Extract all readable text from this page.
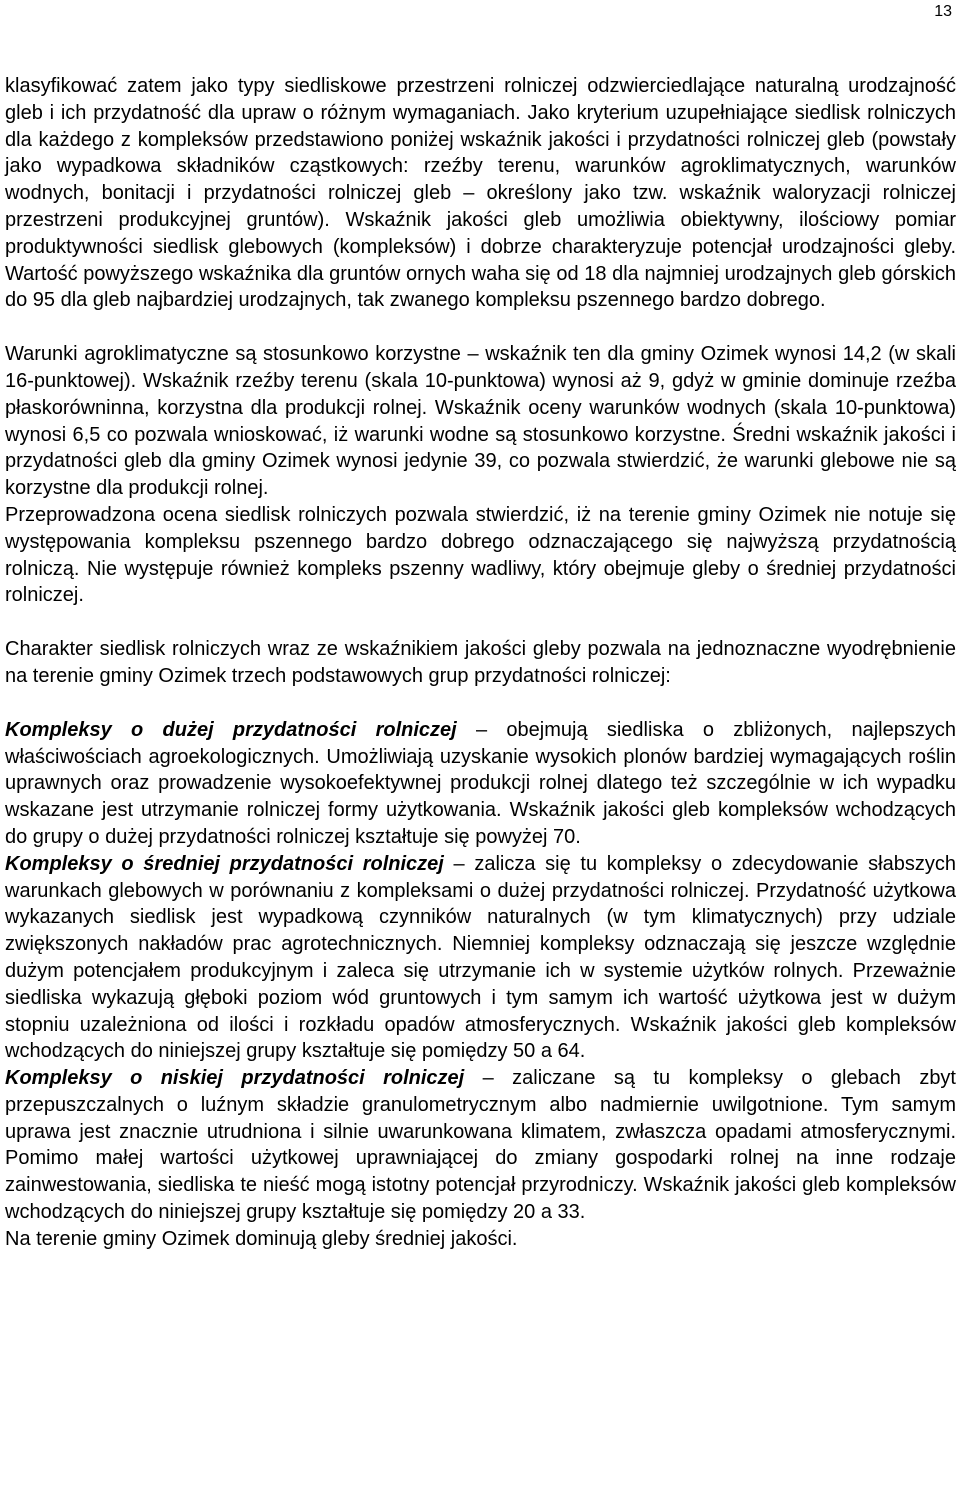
13

klasyfikować zatem jako typy siedliskowe przestrzeni rolniczej odzwierciedlające naturalną urodzajność gleb i ich przydatność dla upraw o różnym wymaganiach. Jako kryterium uzupełniające siedlisk rolniczych dla każdego z kompleksów przedstawiono poniżej wskaźnik jakości i przydatności rolniczej gleb (powstały jako wypadkowa składników cząstkowych: rzeźby terenu, warunków agroklimatycznych, warunków wodnych, bonitacji i przydatności rolniczej gleb – określony jako tzw. wskaźnik waloryzacji rolniczej przestrzeni produkcyjnej gruntów). Wskaźnik jakości gleb umożliwia obiektywny, ilościowy pomiar produktywności siedlisk glebowych (kompleksów) i dobrze charakteryzuje potencjał urodzajności gleby. Wartość powyższego wskaźnika dla gruntów ornych waha się od 18 dla najmniej urodzajnych gleb górskich do 95 dla gleb najbardziej urodzajnych, tak zwanego kompleksu pszennego bardzo dobrego.

Warunki agroklimatyczne są stosunkowo korzystne – wskaźnik ten dla gminy Ozimek wynosi 14,2 (w skali 16-punktowej). Wskaźnik rzeźby terenu (skala 10-punktowa) wynosi aż 9, gdyż w gminie dominuje rzeźba płaskorówninna, korzystna dla produkcji rolnej. Wskaźnik oceny warunków wodnych (skala 10-punktowa) wynosi 6,5 co pozwala wnioskować, iż warunki wodne są stosunkowo korzystne. Średni wskaźnik jakości i przydatności gleb dla gminy Ozimek wynosi jedynie 39, co pozwala stwierdzić, że warunki glebowe nie są korzystne dla produkcji rolnej.

Przeprowadzona ocena siedlisk rolniczych pozwala stwierdzić, iż na terenie gminy Ozimek nie notuje się występowania kompleksu pszennego bardzo dobrego odznaczającego się najwyższą przydatnością rolniczą. Nie występuje również kompleks pszenny wadliwy, który obejmuje gleby o średniej przydatności rolniczej.

Charakter siedlisk rolniczych wraz ze wskaźnikiem jakości gleby pozwala na jednoznaczne wyodrębnienie na terenie gminy Ozimek trzech podstawowych grup przydatności rolniczej:

Kompleksy o dużej przydatności rolniczej – obejmują siedliska o zbliżonych, najlepszych właściwościach agroekologicznych. Umożliwiają uzyskanie wysokich plonów bardziej wymagających roślin uprawnych oraz prowadzenie wysokoefektywnej produkcji rolnej dlatego też szczególnie w ich wypadku wskazane jest utrzymanie rolniczej formy użytkowania. Wskaźnik jakości gleb kompleksów wchodzących do grupy o dużej przydatności rolniczej kształtuje się powyżej 70.

Kompleksy o średniej przydatności rolniczej – zalicza się tu kompleksy o zdecydowanie słabszych warunkach glebowych w porównaniu z kompleksami o dużej przydatności rolniczej. Przydatność użytkowa wykazanych siedlisk jest wypadkową czynników naturalnych (w tym klimatycznych) przy udziale zwiększonych nakładów prac agrotechnicznych. Niemniej kompleksy odznaczają się jeszcze względnie dużym potencjałem produkcyjnym i zaleca się utrzymanie ich w systemie użytków rolnych. Przeważnie siedliska wykazują głęboki poziom wód gruntowych i tym samym ich wartość użytkowa jest w dużym stopniu uzależniona od ilości i rozkładu opadów atmosferycznych. Wskaźnik jakości gleb kompleksów wchodzących do niniejszej grupy kształtuje się pomiędzy 50 a 64.

Kompleksy o niskiej przydatności rolniczej – zaliczane są tu kompleksy o glebach zbyt przepuszczalnych o luźnym składzie granulometrycznym albo nadmiernie uwilgotnione. Tym samym uprawa jest znacznie utrudniona i silnie uwarunkowana klimatem, zwłaszcza opadami atmosferycznymi. Pomimo małej wartości użytkowej uprawniającej do zmiany gospodarki rolnej na inne rodzaje zainwestowania, siedliska te nieść mogą istotny potencjał przyrodniczy. Wskaźnik jakości gleb kompleksów wchodzących do niniejszej grupy kształtuje się pomiędzy 20 a 33.

Na terenie gminy Ozimek dominują gleby średniej jakości.
